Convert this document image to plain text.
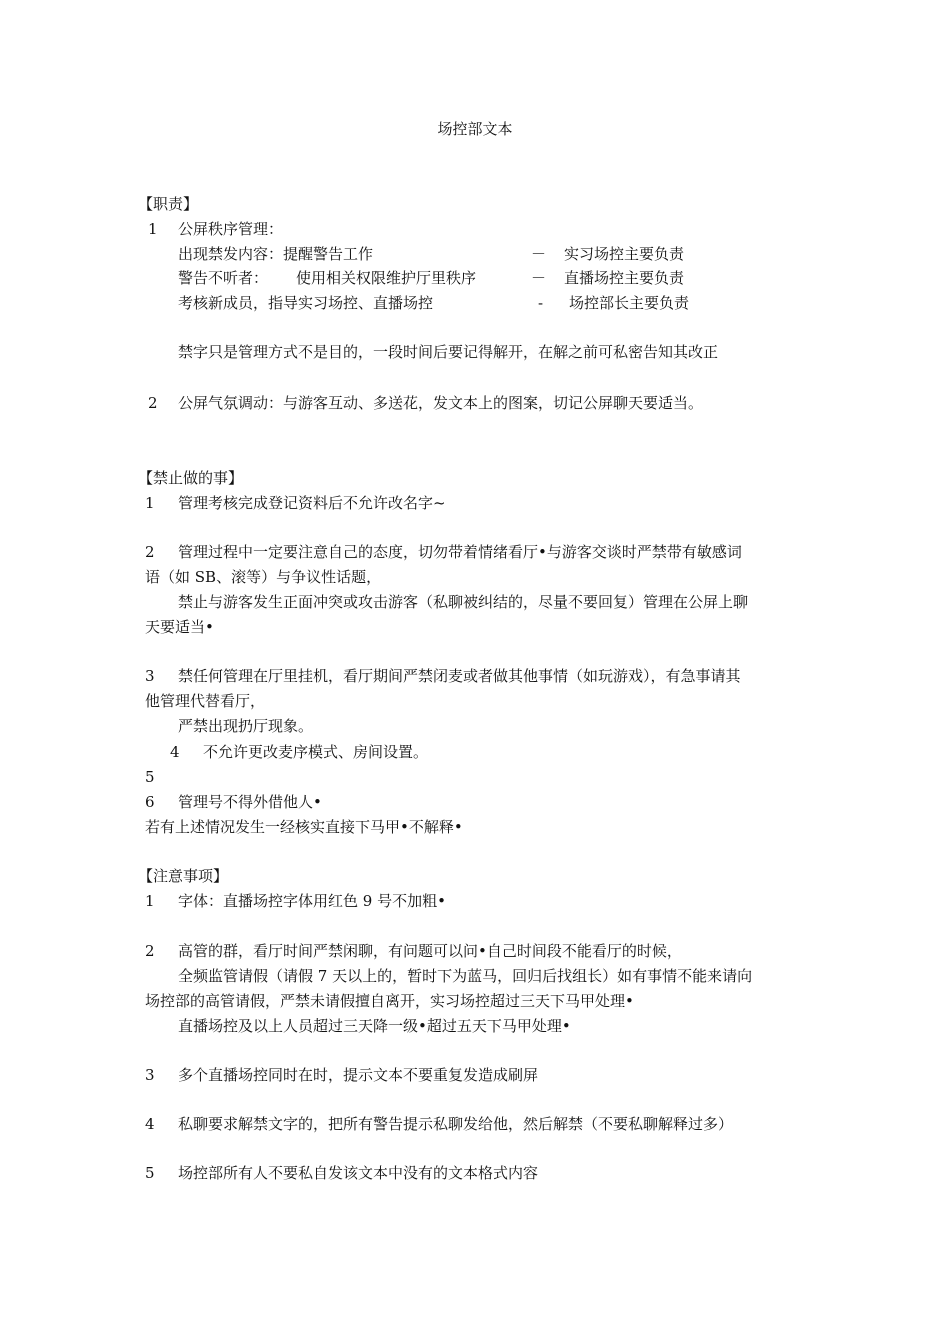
场控部文本
【职责】
1 公屏秩序管理：
出现禁发内容：提醒警告工作	－ 实习场控主要负责
警告不听者： 使用相关权限维护厅里秩序	－ 直播场控主要负责
考核新成员，指导实习场控、直播场控	- 场控部长主要负责
禁字只是管理方式不是目的，一段时间后要记得解开，在解之前可私密告知其改正
2 公屏气氛调动：与游客互动、多送花，发文本上的图案，切记公屏聊天要适当。
【禁止做的事】
1 管理考核完成登记资料后不允许改名字~
2 管理过程中一定要注意自己的态度，切勿带着情绪看厅•与游客交谈时严禁带有敏感词
语（如 SB、滚等）与争议性话题，
禁止与游客发生正面冲突或攻击游客（私聊被纠结的，尽量不要回复）管理在公屏上聊
天要适当•
3 禁任何管理在厅里挂机，看厅期间严禁闭麦或者做其他事情（如玩游戏），有急事请其
他管理代替看厅，
严禁出现扔厅现象。
4 不允许更改麦序模式、房间设置。
5
6 管理号不得外借他人•
若有上述情况发生一经核实直接下马甲•不解释•
【注意事项】
1 字体：直播场控字体用红色 9 号不加粗•
2 高管的群，看厅时间严禁闲聊，有问题可以问•自己时间段不能看厅的时候，
全频监管请假（请假 7 天以上的，暂时下为蓝马，回归后找组长）如有事情不能来请向
场控部的高管请假，严禁未请假擅自离开，实习场控超过三天下马甲处理•
直播场控及以上人员超过三天降一级•超过五天下马甲处理•
3 多个直播场控同时在时，提示文本不要重复发造成刷屏
4 私聊要求解禁文字的，把所有警告提示私聊发给他，然后解禁（不要私聊解释过多）
5 场控部所有人不要私自发该文本中没有的文本格式内容
